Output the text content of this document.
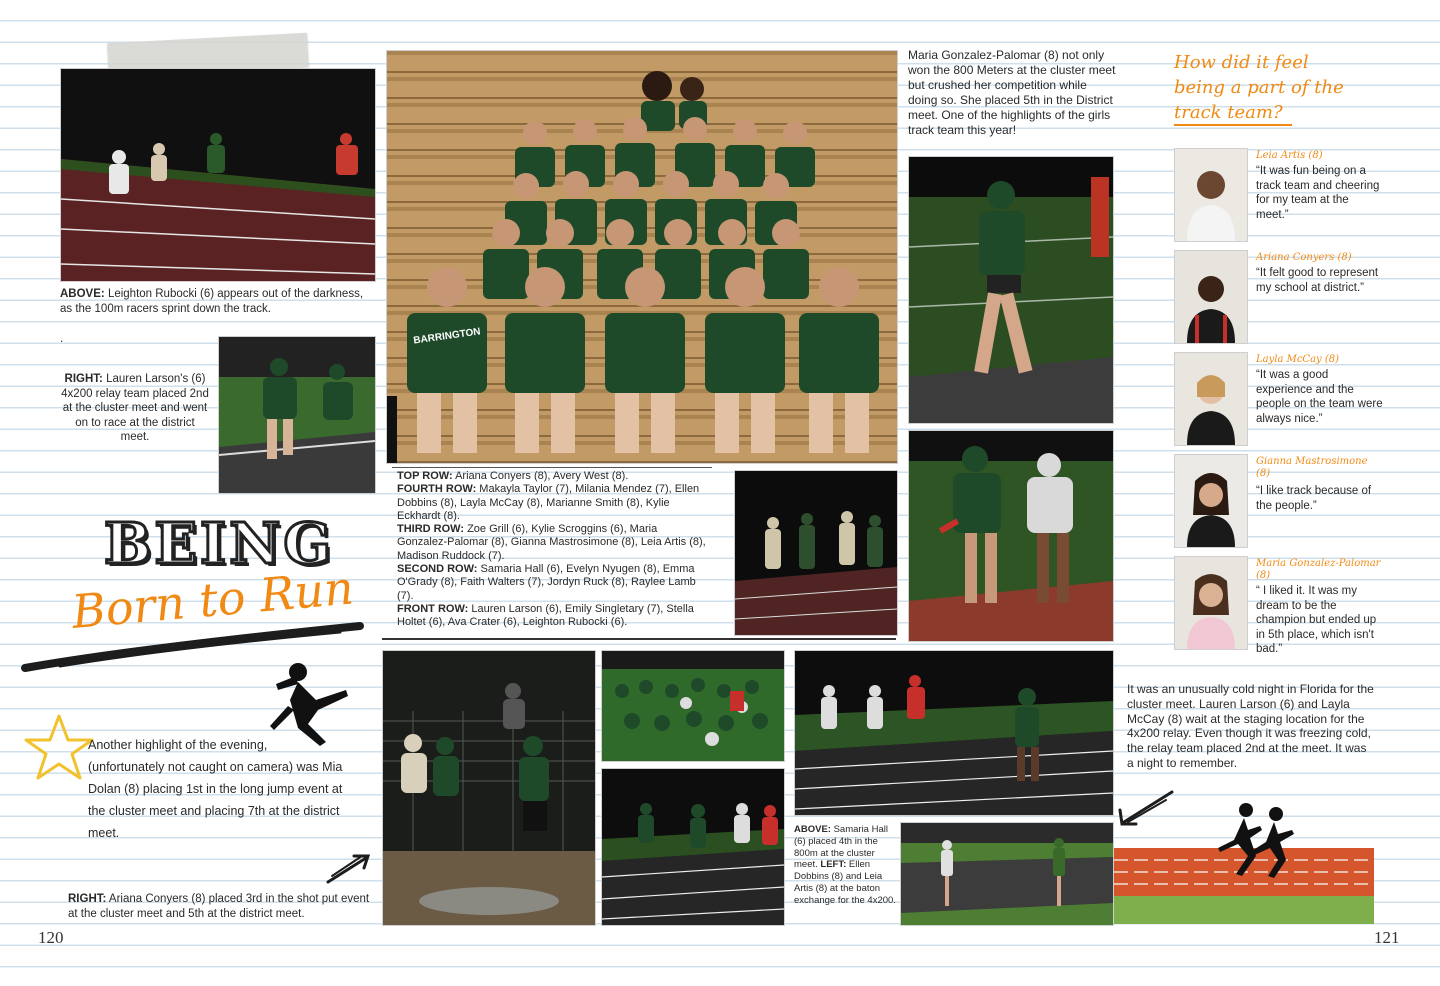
ABOVE: Leighton Rubocki (6) appears out of the darkness, as the 100m racers sprint down the track.
.
RIGHT: Lauren Larson's (6) 4x200 relay team placed 2nd at the cluster meet and went on to race at the district meet.
BEING
Born to Run
Another highlight of the evening, (unfortunately not caught on camera) was Mia Dolan (8) placing 1st in the long jump event at the cluster meet and placing 7th at the district meet.
RIGHT: Ariana Conyers (8) placed 3rd in the shot put event at the cluster meet and 5th at the district meet.
120
BARRINGTON
TOP ROW: Ariana Conyers (8), Avery West (8).
FOURTH ROW: Makayla Taylor (7), Milania Mendez (7), Ellen Dobbins (8), Layla McCay (8), Marianne Smith (8), Kylie Eckhardt (8).
THIRD ROW: Zoe Grill (6), Kylie Scroggins (6), Maria Gonzalez-Palomar (8), Gianna Mastrosimone (8), Leia Artis (8), Madison Ruddock (7).
SECOND ROW: Samaria Hall (6), Evelyn Nyugen (8), Emma O'Grady (8), Faith Walters (7), Jordyn Ruck (8), Raylee Lamb (7).
FRONT ROW: Lauren Larson (6), Emily Singletary (7), Stella Holtet (6), Ava Crater (6), Leighton Rubocki (6).
Maria Gonzalez-Palomar (8) not only won the 800 Meters at the cluster meet but crushed her competition while doing so. She placed 5th in the District meet. One of the highlights of the girls track team this year!
How did it feel being a part of the track team?
Leia Artis (8)
“It was fun being on a track team and cheering for my team at the meet.”
Ariana Conyers (8)
“It felt good to represent my school at district.”
Layla McCay (8)
“It was a good experience and the people on the team were always nice.”
Gianna Mastrosimone (8)
“I like track because of the people.”
Maria Gonzalez-Palomar (8)
“ I liked it. It was my dream to be the champion but ended up in 5th place, which isn't bad.”
ABOVE: Samaria Hall (6) placed 4th in the 800m at the cluster meet. LEFT: Ellen Dobbins (8) and Leia Artis (8) at the baton exchange for the 4x200.
It was an unusually cold night in Florida for the cluster meet. Lauren Larson (6) and Layla McCay (8) wait at the staging location for the 4x200 relay. Even though it was freezing cold, the relay team placed 2nd at the meet. It was a night to remember.
121
